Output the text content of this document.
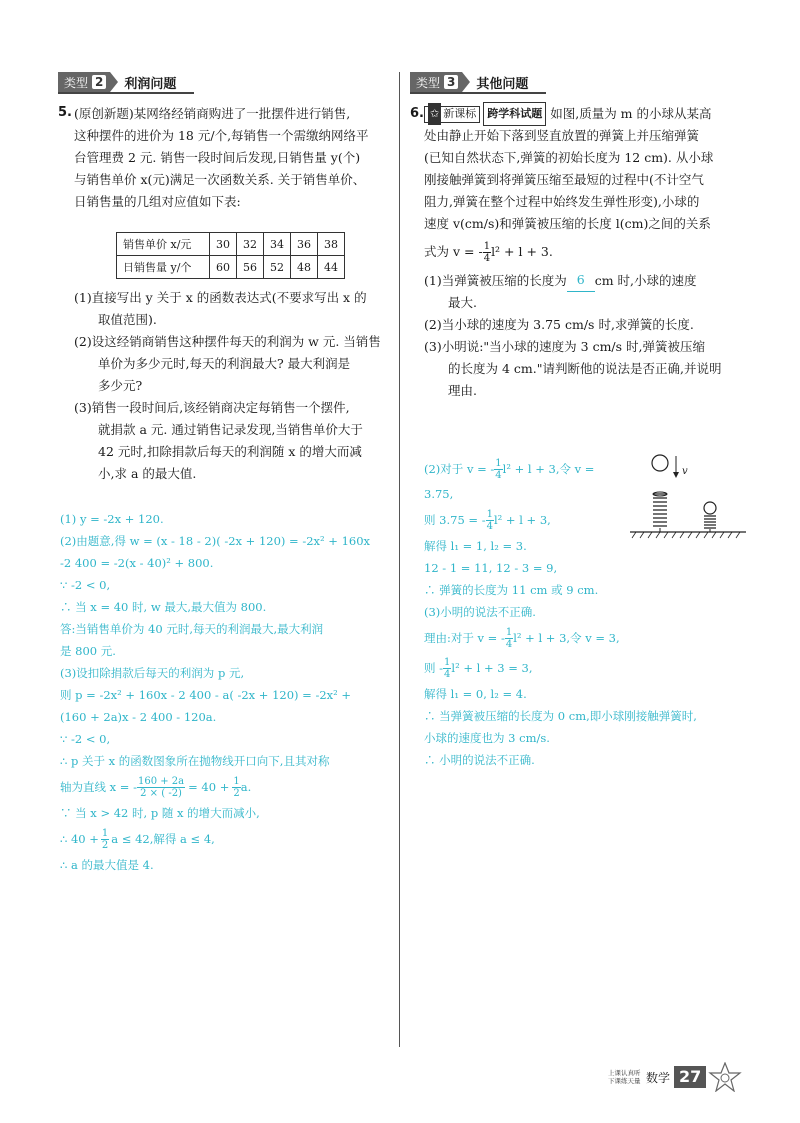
类型 2 利润问题	类型 3 其他问题
5. (原创新题)某网络经销商购进了一批摆件进行销售,
这种摆件的进价为 18 元/个,每销售一个需缴纳网络平
台管理费 2 元. 销售一段时间后发现,日销售量 y(个)
与销售单价 x(元)满足一次函数关系. 关于销售单价、
日销售量的几组对应值如下表:
销售单价 x/元	30	32	34	36	38
日销售量 y/个	60	56	52	48	44
(1)直接写出 y 关于 x 的函数表达式(不要求写出 x 的
取值范围).
(2)设这经销商销售这种摆件每天的利润为 w 元. 当销售
单价为多少元时,每天的利润最大? 最大利润是
多少元?
(3)销售一段时间后,该经销商决定每销售一个摆件,
就捐款 a 元. 通过销售记录发现,当销售单价大于
42 元时,扣除捐款后每天的利润随 x 的增大而减
小,求 a 的最大值.
(1) y = -2x + 120.
(2)由题意,得 w = (x - 18 - 2)( -2x + 120) = -2x² + 160x
-2 400 = -2(x - 40)² + 800.
∵ -2 < 0,
∴ 当 x = 40 时, w 最大,最大值为 800.
答:当销售单价为 40 元时,每天的利润最大,最大利润
是 800 元.
(3)设扣除捐款后每天的利润为 p 元,
则 p = -2x² + 160x - 2 400 - a( -2x + 120) = -2x² +
(160 + 2a)x - 2 400 - 120a.
∵ -2 < 0,
∴ p 关于 x 的函数图象所在抛物线开口向下,且其对称
轴为直线 x = - $\frac{160 + 2a}{2 \times ( -2)} = 40 + \frac{1}{2} a$.
∵ 当 x > 42 时, p 随 x 的增大而减小,
∴ $40 + \frac{1}{2}$ a ≤ 42,解得 a ≤ 4,
∴ a 的最大值是 4.
6. ✩ 新课标	跨学科试题 如图,质量为 m 的小球从某高
处由静止开始下落到竖直放置的弹簧上并压缩弹簧
(已知自然状态下,弹簧的初始长度为 12 cm). 从小球
刚接触弹簧到将弹簧压缩至最短的过程中(不计空气
阻力,弹簧在整个过程中始终发生弹性形变),小球的
速度 v(cm/s)和弹簧被压缩的长度 l(cm)之间的关系
式为 v = - $\frac{1}{4} l^2 + l + 3$.
(1)当弹簧被压缩的长度为 6 cm 时,小球的速度
最大.
(2)当小球的速度为 3.75 cm/s 时,求弹簧的长度.
(3)小明说:"当小球的速度为 3 cm/s 时,弹簧被压缩
的长度为 4 cm."请判断他的说法是否正确,并说明
理由.
v
(2)对于 v = - $\frac{1}{4} l^2 + l + 3$,令 v =
3.75,
则 3.75 = - $\frac{1}{4} l^2 + l + 3$,
解得 l₁ = 1, l₂ = 3.
12 - 1 = 11, 12 - 3 = 9,
∴ 弹簧的长度为 11 cm 或 9 cm.
(3)小明的说法不正确.
理由:对于 v = - $\frac{1}{4} l^2 + l + 3$,令 v = 3,
则 - $\frac{1}{4} l^2 + l + 3 = 3$,
解得 l₁ = 0, l₂ = 4.
∴ 当弹簧被压缩的长度为 0 cm,即小球刚接触弹簧时,
小球的速度也为 3 cm/s.
∴ 小明的说法不正确.
上课认真听
下课练天量 数学 27
